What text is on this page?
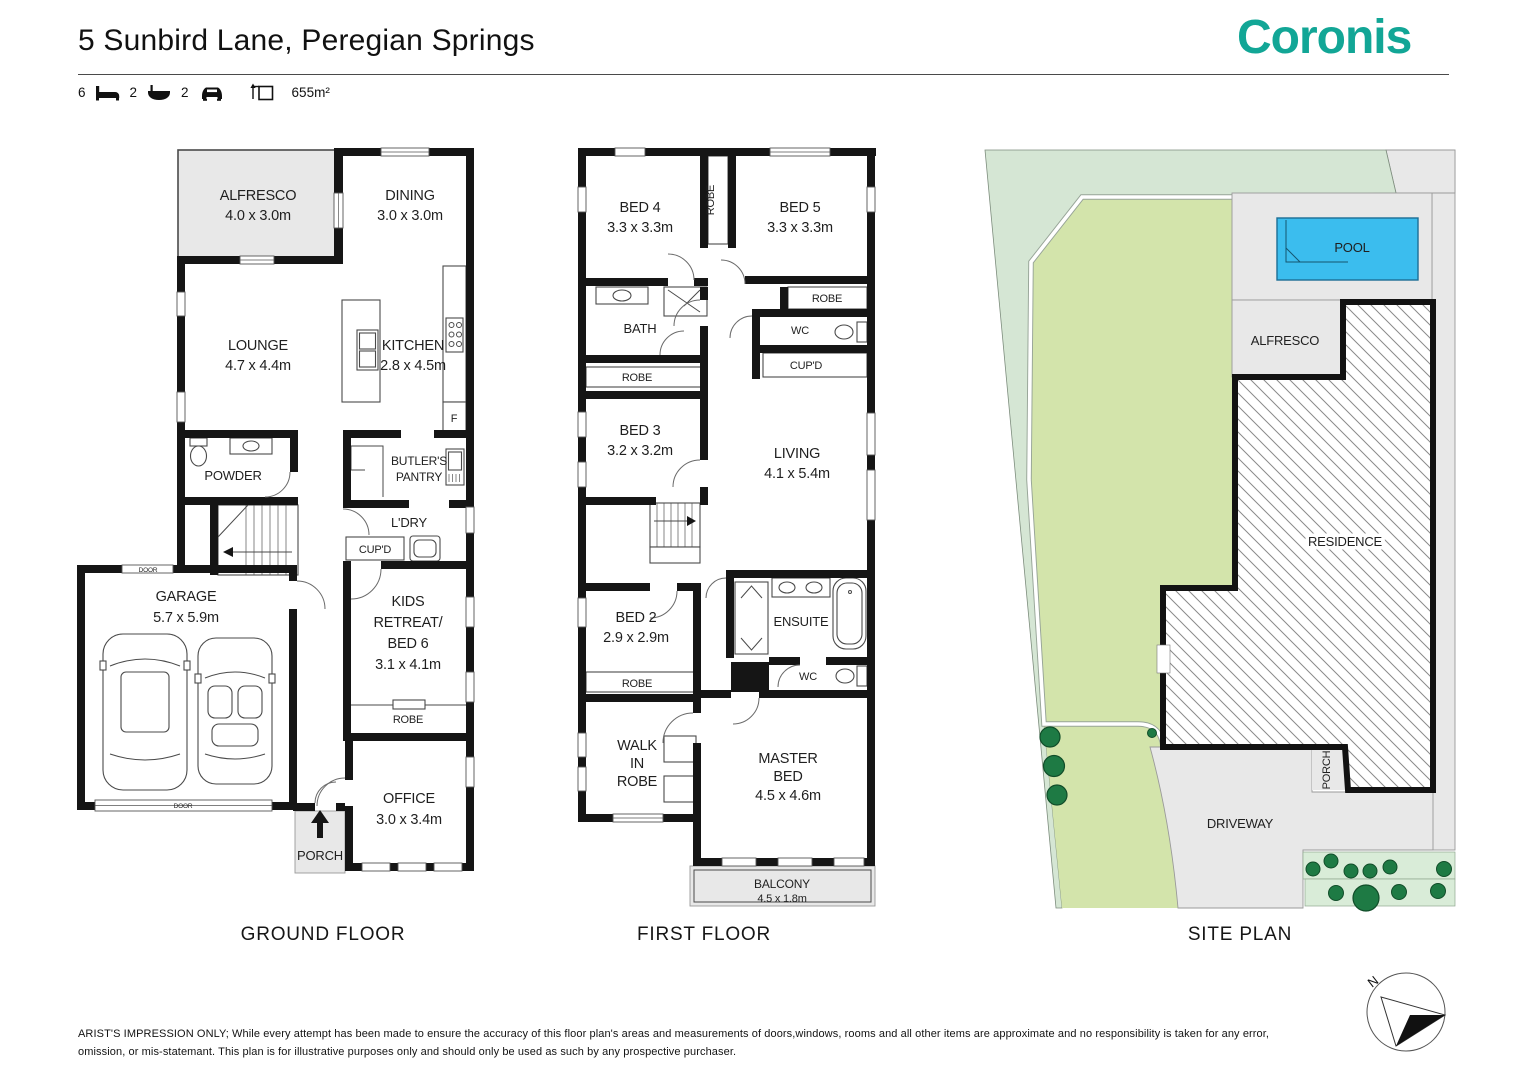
5 Sunbird Lane, Peregian Springs	Coronis
6	2	2	655m²
ALFRESCO
4.0 x 3.0m
DINING
3.0 x 3.0m
LOUNGE
4.7 x 4.4m
KITCHEN
2.8 x 4.5m
F
POWDER
BUTLER'S
PANTRY
L'DRY
CUP'D
KIDS
RETREAT/
BED 6
3.1 x 4.1m
ROBE
GARAGE
5.7 x 5.9m
DOOR
DOOR
PORCH
OFFICE
3.0 x 3.4m
GROUND FLOOR
BED 4
3.3 x 3.3m
ROBE	BED 5
3.3 x 3.3m
ROBE
BATH	WC
CUP'D
ROBE
BED 3
3.2 x 3.2m	LIVING
4.1 x 5.4m
BED 2
2.9 x 2.9m
ROBE
ENSUITE
WC
WALK
IN
ROBE
MASTER
BED
4.5 x 4.6m
BALCONY
4.5 x 1.8m
FIRST FLOOR
POOL
ALFRESCO
RESIDENCE
PORCH
DRIVEWAY
SITE PLAN
N
ARIST'S IMPRESSION ONLY; While every attempt has been made to ensure the accuracy of this floor plan's areas and measurements of doors,windows, rooms and all other items are approximate and no responsibility is taken for any error,
omission, or mis-statemant. This plan is for illustrative purposes only and should only be used as such by any prospective purchaser.
